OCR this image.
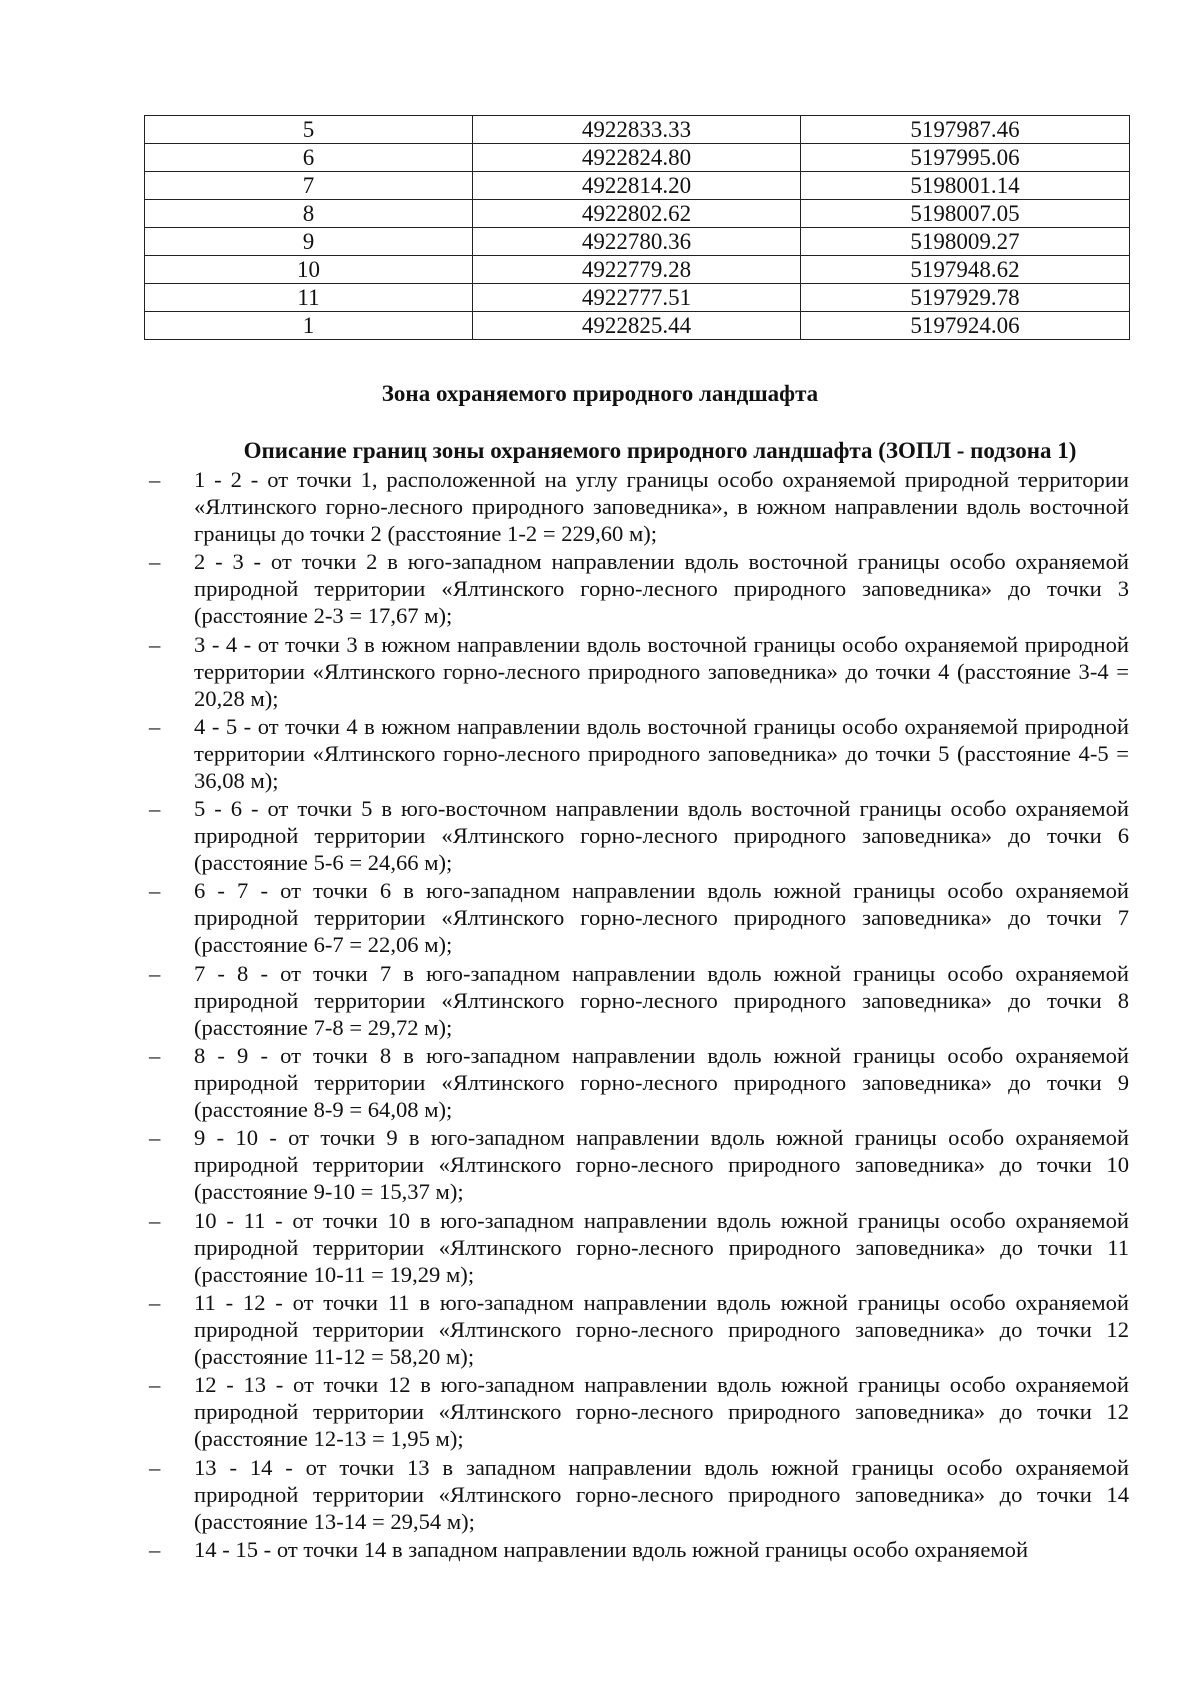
5	4922833.33	5197987.46
6	4922824.80	5197995.06
7	4922814.20	5198001.14
8	4922802.62	5198007.05
9	4922780.36	5198009.27
10	4922779.28	5197948.62
11	4922777.51	5197929.78
1	4922825.44	5197924.06
Зона охраняемого природного ландшафта
Описание границ зоны охраняемого природного ландшафта (ЗОПЛ - подзона 1)
– 1 - 2 - от точки 1, расположенной на углу границы особо охраняемой природной территории «Ялтинского горно-лесного природного заповедника», в южном направлении вдоль восточной границы до точки 2 (расстояние 1-2 = 229,60 м);
– 2 - 3 - от точки 2 в юго-западном направлении вдоль восточной границы особо охраняемой природной территории «Ялтинского горно-лесного природного заповедника» до точки 3 (расстояние 2-3 = 17,67 м);
– 3 - 4 - от точки 3 в южном направлении вдоль восточной границы особо охраняемой природной территории «Ялтинского горно-лесного природного заповедника» до точки 4 (расстояние 3-4 = 20,28 м);
– 4 - 5 - от точки 4 в южном направлении вдоль восточной границы особо охраняемой природной территории «Ялтинского горно-лесного природного заповедника» до точки 5 (расстояние 4-5 = 36,08 м);
– 5 - 6 - от точки 5 в юго-восточном направлении вдоль восточной границы особо охраняемой природной территории «Ялтинского горно-лесного природного заповедника» до точки 6 (расстояние 5-6 = 24,66 м);
– 6 - 7 - от точки 6 в юго-западном направлении вдоль южной границы особо охраняемой природной территории «Ялтинского горно-лесного природного заповедника» до точки 7 (расстояние 6-7 = 22,06 м);
– 7 - 8 - от точки 7 в юго-западном направлении вдоль южной границы особо охраняемой природной территории «Ялтинского горно-лесного природного заповедника» до точки 8 (расстояние 7-8 = 29,72 м);
– 8 - 9 - от точки 8 в юго-западном направлении вдоль южной границы особо охраняемой природной территории «Ялтинского горно-лесного природного заповедника» до точки 9 (расстояние 8-9 = 64,08 м);
– 9 - 10 - от точки 9 в юго-западном направлении вдоль южной границы особо охраняемой природной территории «Ялтинского горно-лесного природного заповедника» до точки 10 (расстояние 9-10 = 15,37 м);
– 10 - 11 - от точки 10 в юго-западном направлении вдоль южной границы особо охраняемой природной территории «Ялтинского горно-лесного природного заповедника» до точки 11 (расстояние 10-11 = 19,29 м);
– 11 - 12 - от точки 11 в юго-западном направлении вдоль южной границы особо охраняемой природной территории «Ялтинского горно-лесного природного заповедника» до точки 12 (расстояние 11-12 = 58,20 м);
– 12 - 13 - от точки 12 в юго-западном направлении вдоль южной границы особо охраняемой природной территории «Ялтинского горно-лесного природного заповедника» до точки 12 (расстояние 12-13 = 1,95 м);
– 13 - 14 - от точки 13 в западном направлении вдоль южной границы особо охраняемой природной территории «Ялтинского горно-лесного природного заповедника» до точки 14 (расстояние 13-14 = 29,54 м);
– 14 - 15 - от точки 14 в западном направлении вдоль южной границы особо охраняемой
